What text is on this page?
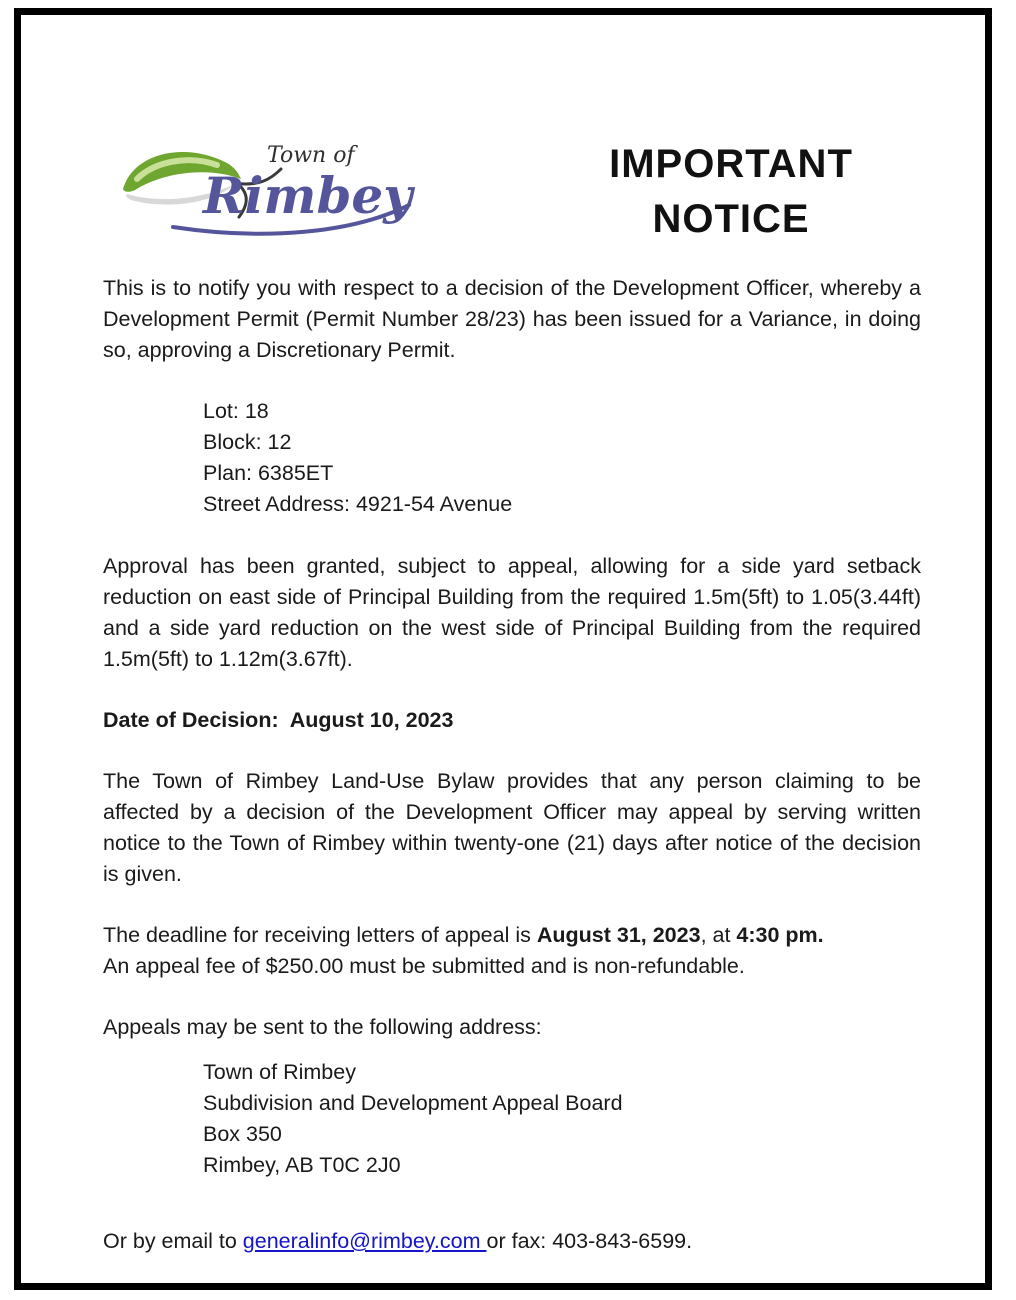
Town of
Rimbey
IMPORTANT
NOTICE

This is to notify you with respect to a decision of the Development Officer, whereby a Development Permit (Permit Number 28/23) has been issued for a Variance, in doing so, approving a Discretionary Permit.

Lot: 18
Block: 12
Plan: 6385ET
Street Address: 4921-54 Avenue

Approval has been granted, subject to appeal, allowing for a side yard setback reduction on east side of Principal Building from the required 1.5m(5ft) to 1.05(3.44ft) and a side yard reduction on the west side of Principal Building from the required 1.5m(5ft) to 1.12m(3.67ft).

Date of Decision:  August 10, 2023

The Town of Rimbey Land-Use Bylaw provides that any person claiming to be affected by a decision of the Development Officer may appeal by serving written notice to the Town of Rimbey within twenty-one (21) days after notice of the decision is given.

The deadline for receiving letters of appeal is August 31, 2023, at 4:30 pm.
An appeal fee of $250.00 must be submitted and is non-refundable.
Appeals may be sent to the following address:
Town of Rimbey
Subdivision and Development Appeal Board
Box 350
Rimbey, AB T0C 2J0
Or by email to generalinfo@rimbey.com or fax: 403-843-6599.
